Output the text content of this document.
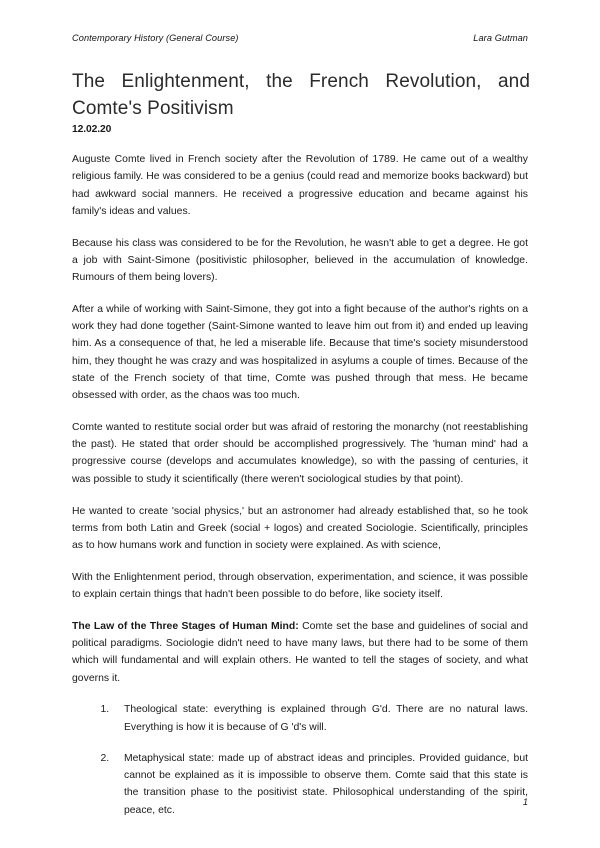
Contemporary History (General Course)	Lara Gutman
The Enlightenment, the French Revolution, and Comte's Positivism
12.02.20

Auguste Comte lived in French society after the Revolution of 1789. He came out of a wealthy religious family. He was considered to be a genius (could read and memorize books backward) but had awkward social manners. He received a progressive education and became against his family's ideas and values.

Because his class was considered to be for the Revolution, he wasn't able to get a degree. He got a job with Saint-Simone (positivistic philosopher, believed in the accumulation of knowledge. Rumours of them being lovers).

After a while of working with Saint-Simone, they got into a fight because of the author's rights on a work they had done together (Saint-Simone wanted to leave him out from it) and ended up leaving him. As a consequence of that, he led a miserable life. Because that time's society misunderstood him, they thought he was crazy and was hospitalized in asylums a couple of times. Because of the state of the French society of that time, Comte was pushed through that mess. He became obsessed with order, as the chaos was too much.

Comte wanted to restitute social order but was afraid of restoring the monarchy (not reestablishing the past). He stated that order should be accomplished progressively. The 'human mind' had a progressive course (develops and accumulates knowledge), so with the passing of centuries, it was possible to study it scientifically (there weren't sociological studies by that point).

He wanted to create 'social physics,' but an astronomer had already established that, so he took terms from both Latin and Greek (social + logos) and created Sociologie. Scientifically, principles as to how humans work and function in society were explained. As with science,

With the Enlightenment period, through observation, experimentation, and science, it was possible to explain certain things that hadn't been possible to do before, like society itself.

The Law of the Three Stages of Human Mind: Comte set the base and guidelines of social and political paradigms. Sociologie didn't need to have many laws, but there had to be some of them which will fundamental and will explain others. He wanted to tell the stages of society, and what governs it.

1. Theological state: everything is explained through G'd. There are no natural laws. Everything is how it is because of G 'd's will.
2. Metaphysical state: made up of abstract ideas and principles. Provided guidance, but cannot be explained as it is impossible to observe them. Comte said that this state is the transition phase to the positivist state. Philosophical understanding of the spirit, peace, etc.
1
